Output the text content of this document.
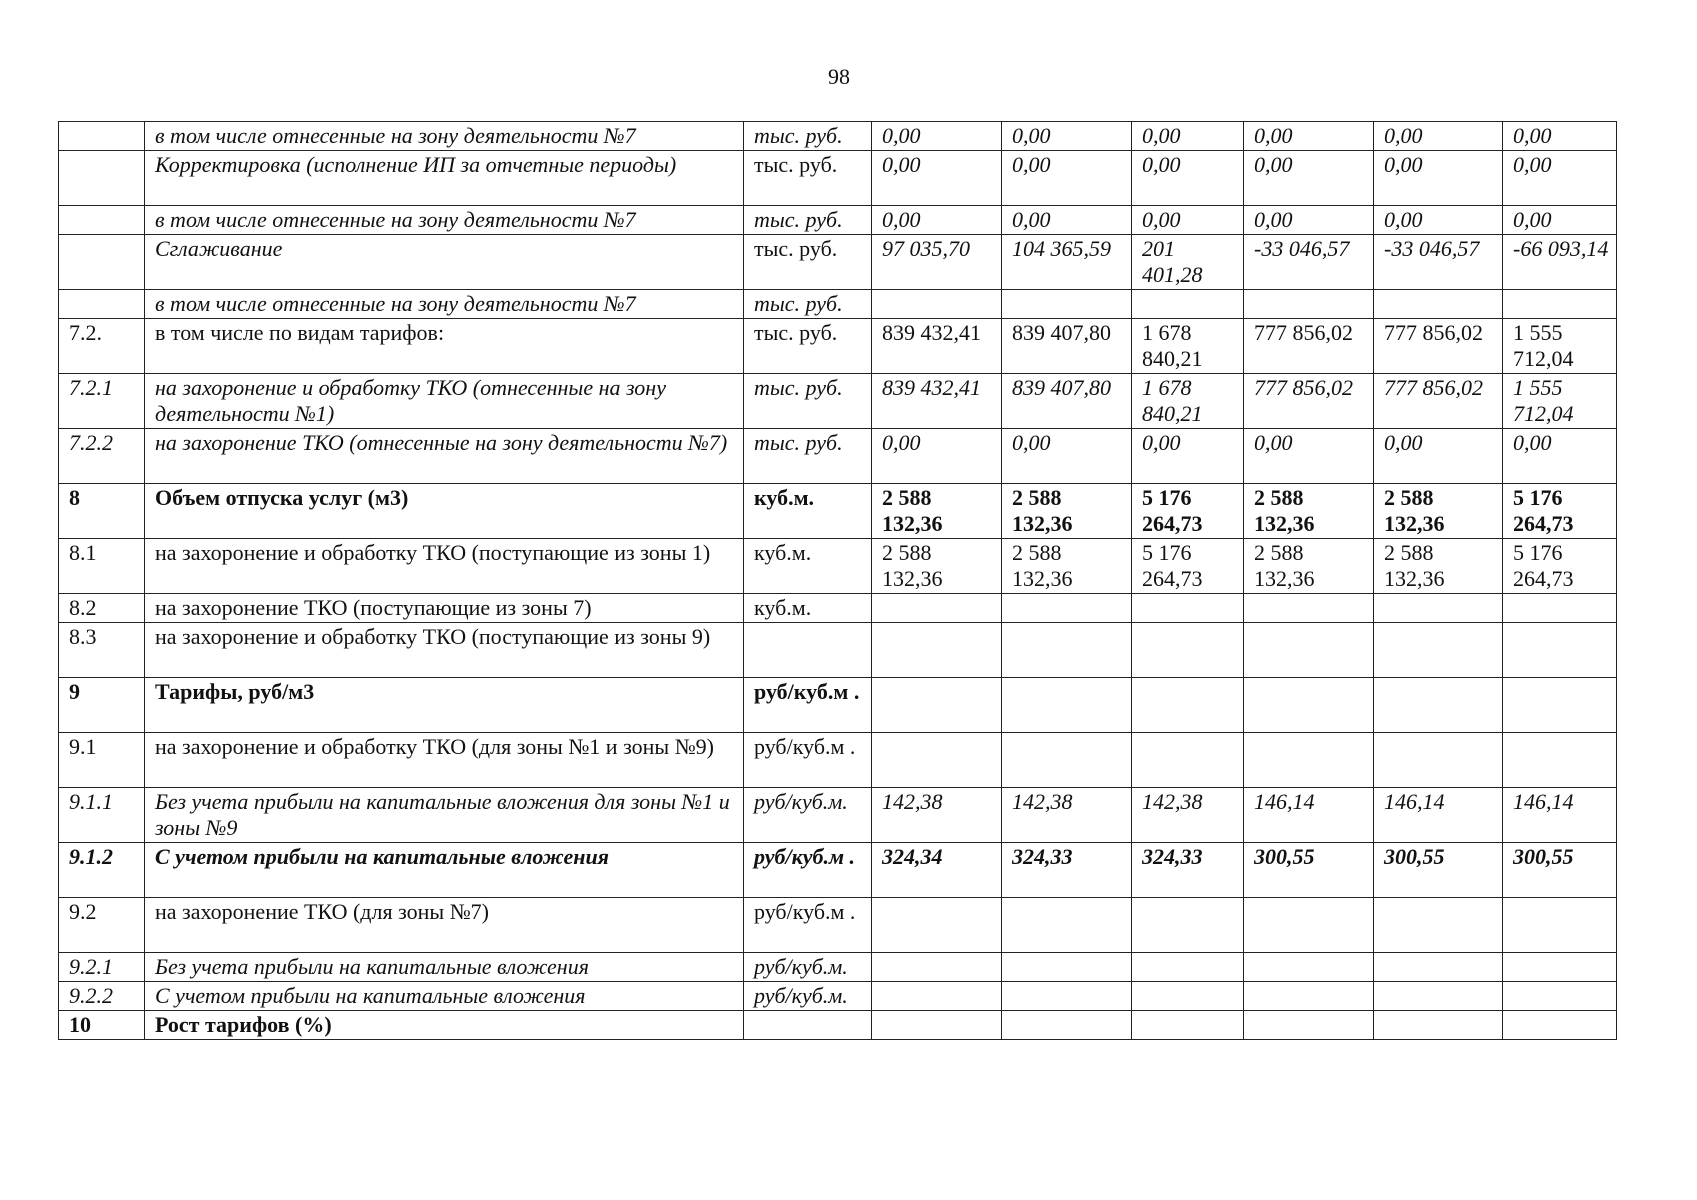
98
	в том числе отнесенные на зону деятельности №7	тыс. руб.	0,00	0,00	0,00	0,00	0,00	0,00
	Корректировка (исполнение ИП за отчетные периоды)	тыс. руб.	0,00	0,00	0,00	0,00	0,00	0,00
	в том числе отнесенные на зону деятельности №7	тыс. руб.	0,00	0,00	0,00	0,00	0,00	0,00
	Сглаживание	тыс. руб.	97 035,70	104 365,59	201 401,28	-33 046,57	-33 046,57	-66 093,14
	в том числе отнесенные на зону деятельности №7	тыс. руб.						
7.2.	в том числе по видам тарифов:	тыс. руб.	839 432,41	839 407,80	1 678 840,21	777 856,02	777 856,02	1 555 712,04
7.2.1	на захоронение и обработку ТКО (отнесенные на зону деятельности №1)	тыс. руб.	839 432,41	839 407,80	1 678 840,21	777 856,02	777 856,02	1 555 712,04
7.2.2	на захоронение ТКО (отнесенные на зону деятельности №7)	тыс. руб.	0,00	0,00	0,00	0,00	0,00	0,00
8	Объем отпуска услуг (м3)	куб.м.	2 588 132,36	2 588 132,36	5 176 264,73	2 588 132,36	2 588 132,36	5 176 264,73
8.1	на захоронение и обработку ТКО (поступающие из зоны 1)	куб.м.	2 588 132,36	2 588 132,36	5 176 264,73	2 588 132,36	2 588 132,36	5 176 264,73
8.2	на захоронение ТКО (поступающие из зоны 7)	куб.м.						
8.3	на захоронение и обработку ТКО (поступающие из зоны 9)							
9	Тарифы, руб/м3	руб/куб.м .						
9.1	на захоронение и обработку ТКО (для зоны №1 и зоны №9)	руб/куб.м .						
9.1.1	Без учета прибыли на капитальные вложения для зоны №1 и зоны №9	руб/куб.м.	142,38	142,38	142,38	146,14	146,14	146,14
9.1.2	С учетом прибыли на капитальные вложения	руб/куб.м .	324,34	324,33	324,33	300,55	300,55	300,55
9.2	на захоронение ТКО (для зоны №7)	руб/куб.м .						
9.2.1	Без учета прибыли на капитальные вложения	руб/куб.м.						
9.2.2	С учетом прибыли на капитальные вложения	руб/куб.м.						
10	Рост тарифов (%)							
